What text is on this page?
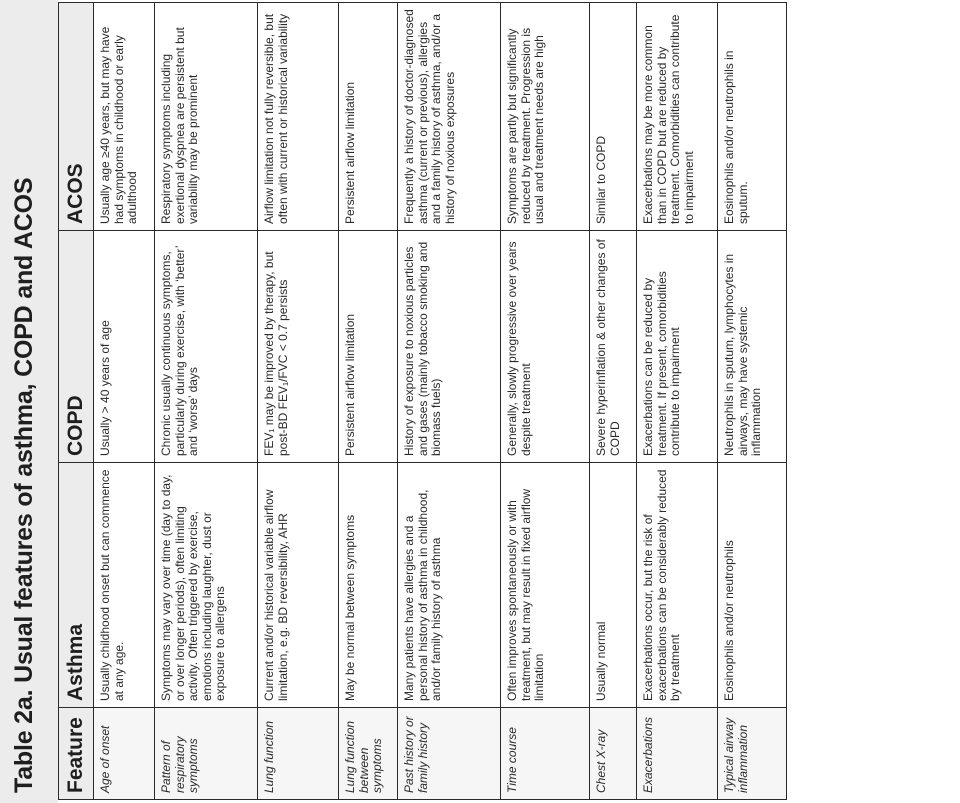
Table 2a. Usual features of asthma, COPD and ACOS Feature	Asthma	COPD	ACOS
Age of onset	Usually childhood onset but can commence at any age.	Usually > 40 years of age	Usually age ≥40 years, but may have had symptoms in childhood or early adulthood
Pattern of respiratory symptoms	Symptoms may vary over time (day to day, or over longer periods), often limiting activity. Often triggered by exercise, emotions including laughter, dust or exposure to allergens	Chronic usually continuous symptoms, particularly during exercise, with ‘better’ and ‘worse’ days	Respiratory symptoms including exertional dyspnea are persistent but variability may be prominent
Lung function	Current and/or historical variable airflow limitation, e.g. BD reversibility, AHR	FEV₁ may be improved by therapy, but post-BD FEV₁/FVC < 0.7 persists	Airflow limitation not fully reversible, but often with current or historical variability
Lung function between symptoms	May be normal between symptoms	Persistent airflow limitation	Persistent airflow limitation
Past history or family history	Many patients have allergies and a personal history of asthma in childhood, and/or family history of asthma	History of exposure to noxious particles and gases (mainly tobacco smoking and biomass fuels)	Frequently a history of doctor-diagnosed asthma (current or previous), allergies and a family history of asthma, and/or a history of noxious exposures
Time course	Often improves spontaneously or with treatment, but may result in fixed airflow limitation	Generally, slowly progressive over years despite treatment	Symptoms are partly but significantly reduced by treatment. Progression is usual and treatment needs are high
Chest X-ray	Usually normal	Severe hyperinflation & other changes of COPD	Similar to COPD
Exacerbations	Exacerbations occur, but the risk of exacerbations can be considerably reduced by treatment	Exacerbations can be reduced by treatment. If present, comorbidities contribute to impairment	Exacerbations may be more common than in COPD but are reduced by treatment. Comorbidities can contribute to impairment
Typical airway inflammation	Eosinophils and/or neutrophils	Neutrophils in sputum, lymphocytes in airways, may have systemic inflammation	Eosinophils and/or neutrophils in sputum.
